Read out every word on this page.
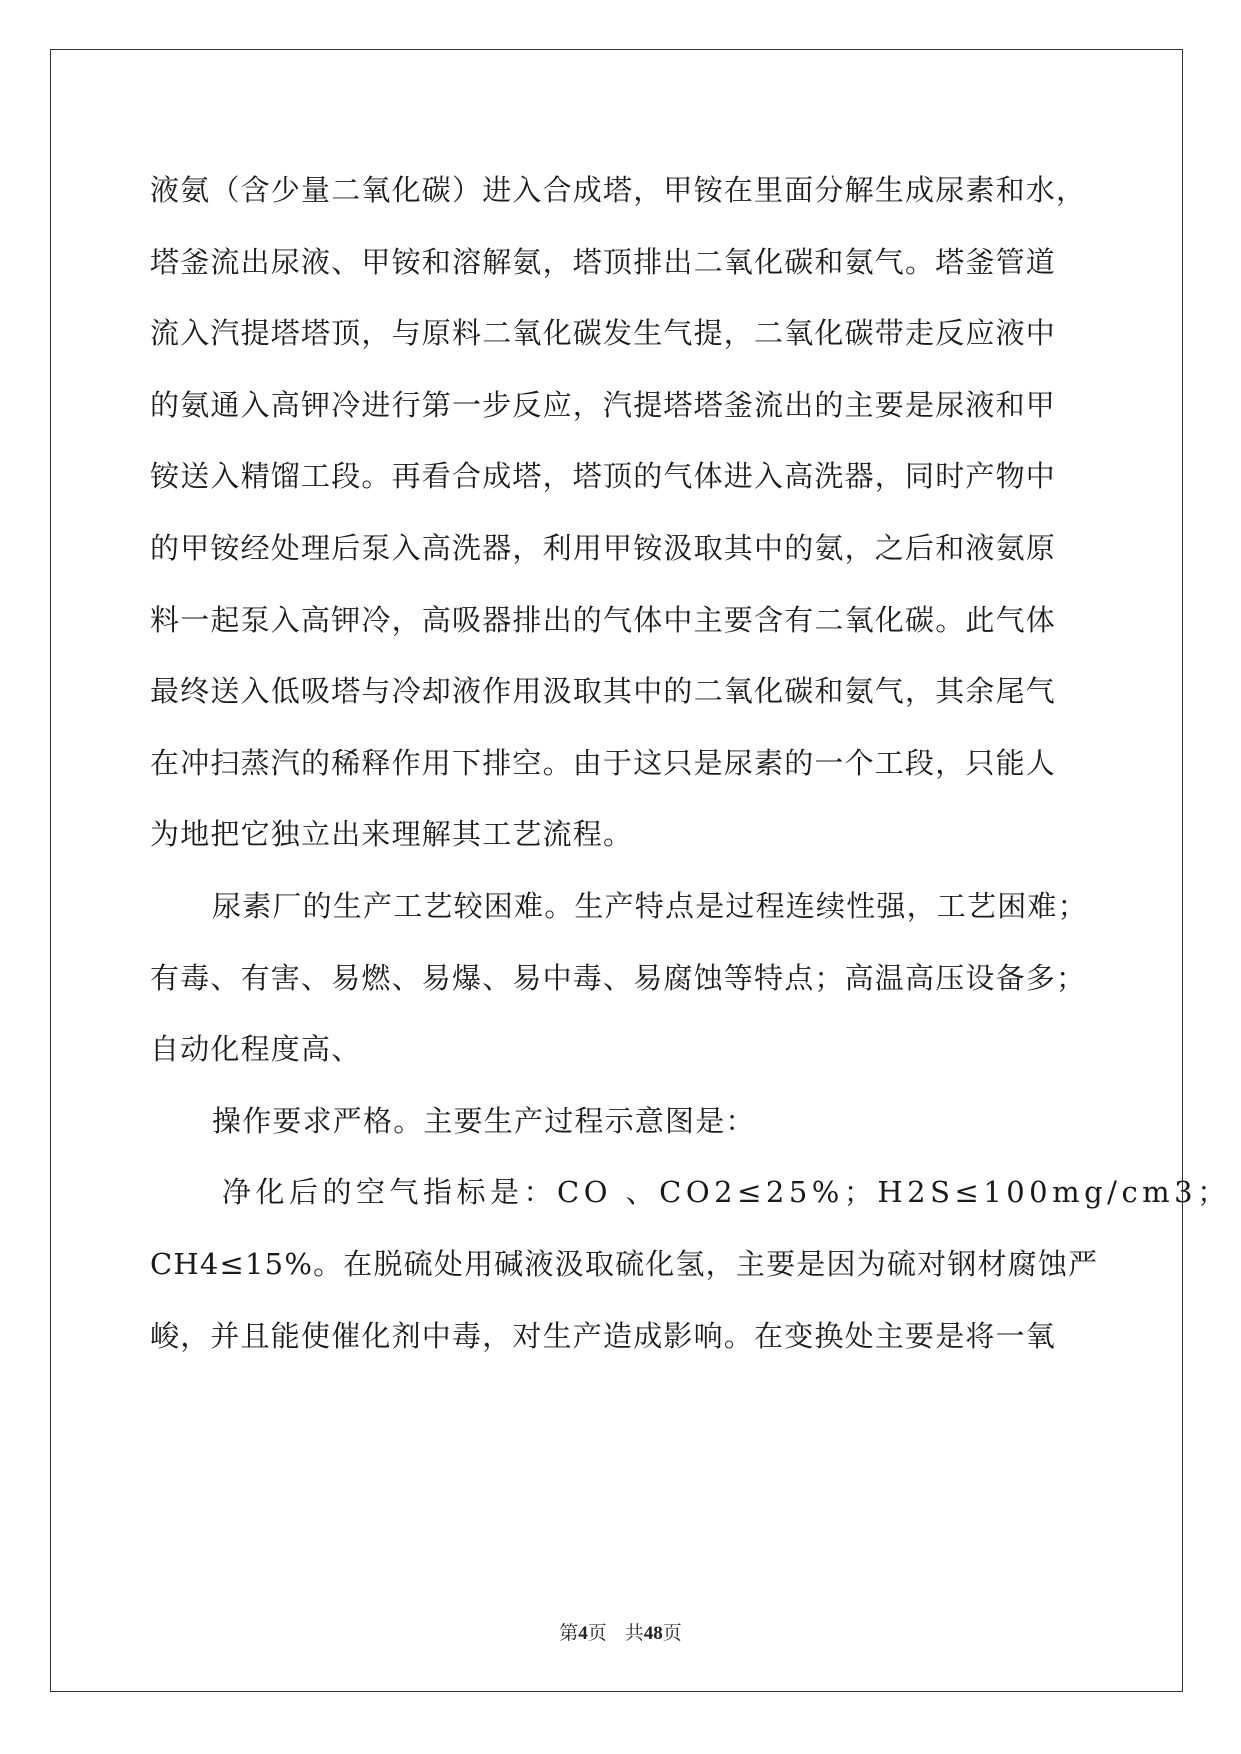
液氨（含少量二氧化碳）进入合成塔，甲铵在里面分解生成尿素和水，
塔釜流出尿液、甲铵和溶解氨，塔顶排出二氧化碳和氨气。塔釜管道
流入汽提塔塔顶，与原料二氧化碳发生气提，二氧化碳带走反应液中
的氨通入高钾冷进行第一步反应，汽提塔塔釜流出的主要是尿液和甲
铵送入精馏工段。再看合成塔，塔顶的气体进入高洗器，同时产物中
的甲铵经处理后泵入高洗器，利用甲铵汲取其中的氨，之后和液氨原
料一起泵入高钾冷，高吸器排出的气体中主要含有二氧化碳。此气体
最终送入低吸塔与冷却液作用汲取其中的二氧化碳和氨气，其余尾气
在冲扫蒸汽的稀释作用下排空。由于这只是尿素的一个工段，只能人
为地把它独立出来理解其工艺流程。
尿素厂的生产工艺较困难。生产特点是过程连续性强，工艺困难；
有毒、有害、易燃、易爆、易中毒、易腐蚀等特点；高温高压设备多；
自动化程度高、
操作要求严格。主要生产过程示意图是：
净化后的空气指标是：CO 、CO2≤25%；H2S≤100mg/cm3；
CH4≤15%。在脱硫处用碱液汲取硫化氢，主要是因为硫对钢材腐蚀严
峻，并且能使催化剂中毒，对生产造成影响。在变换处主要是将一氧
第4页 共48页
